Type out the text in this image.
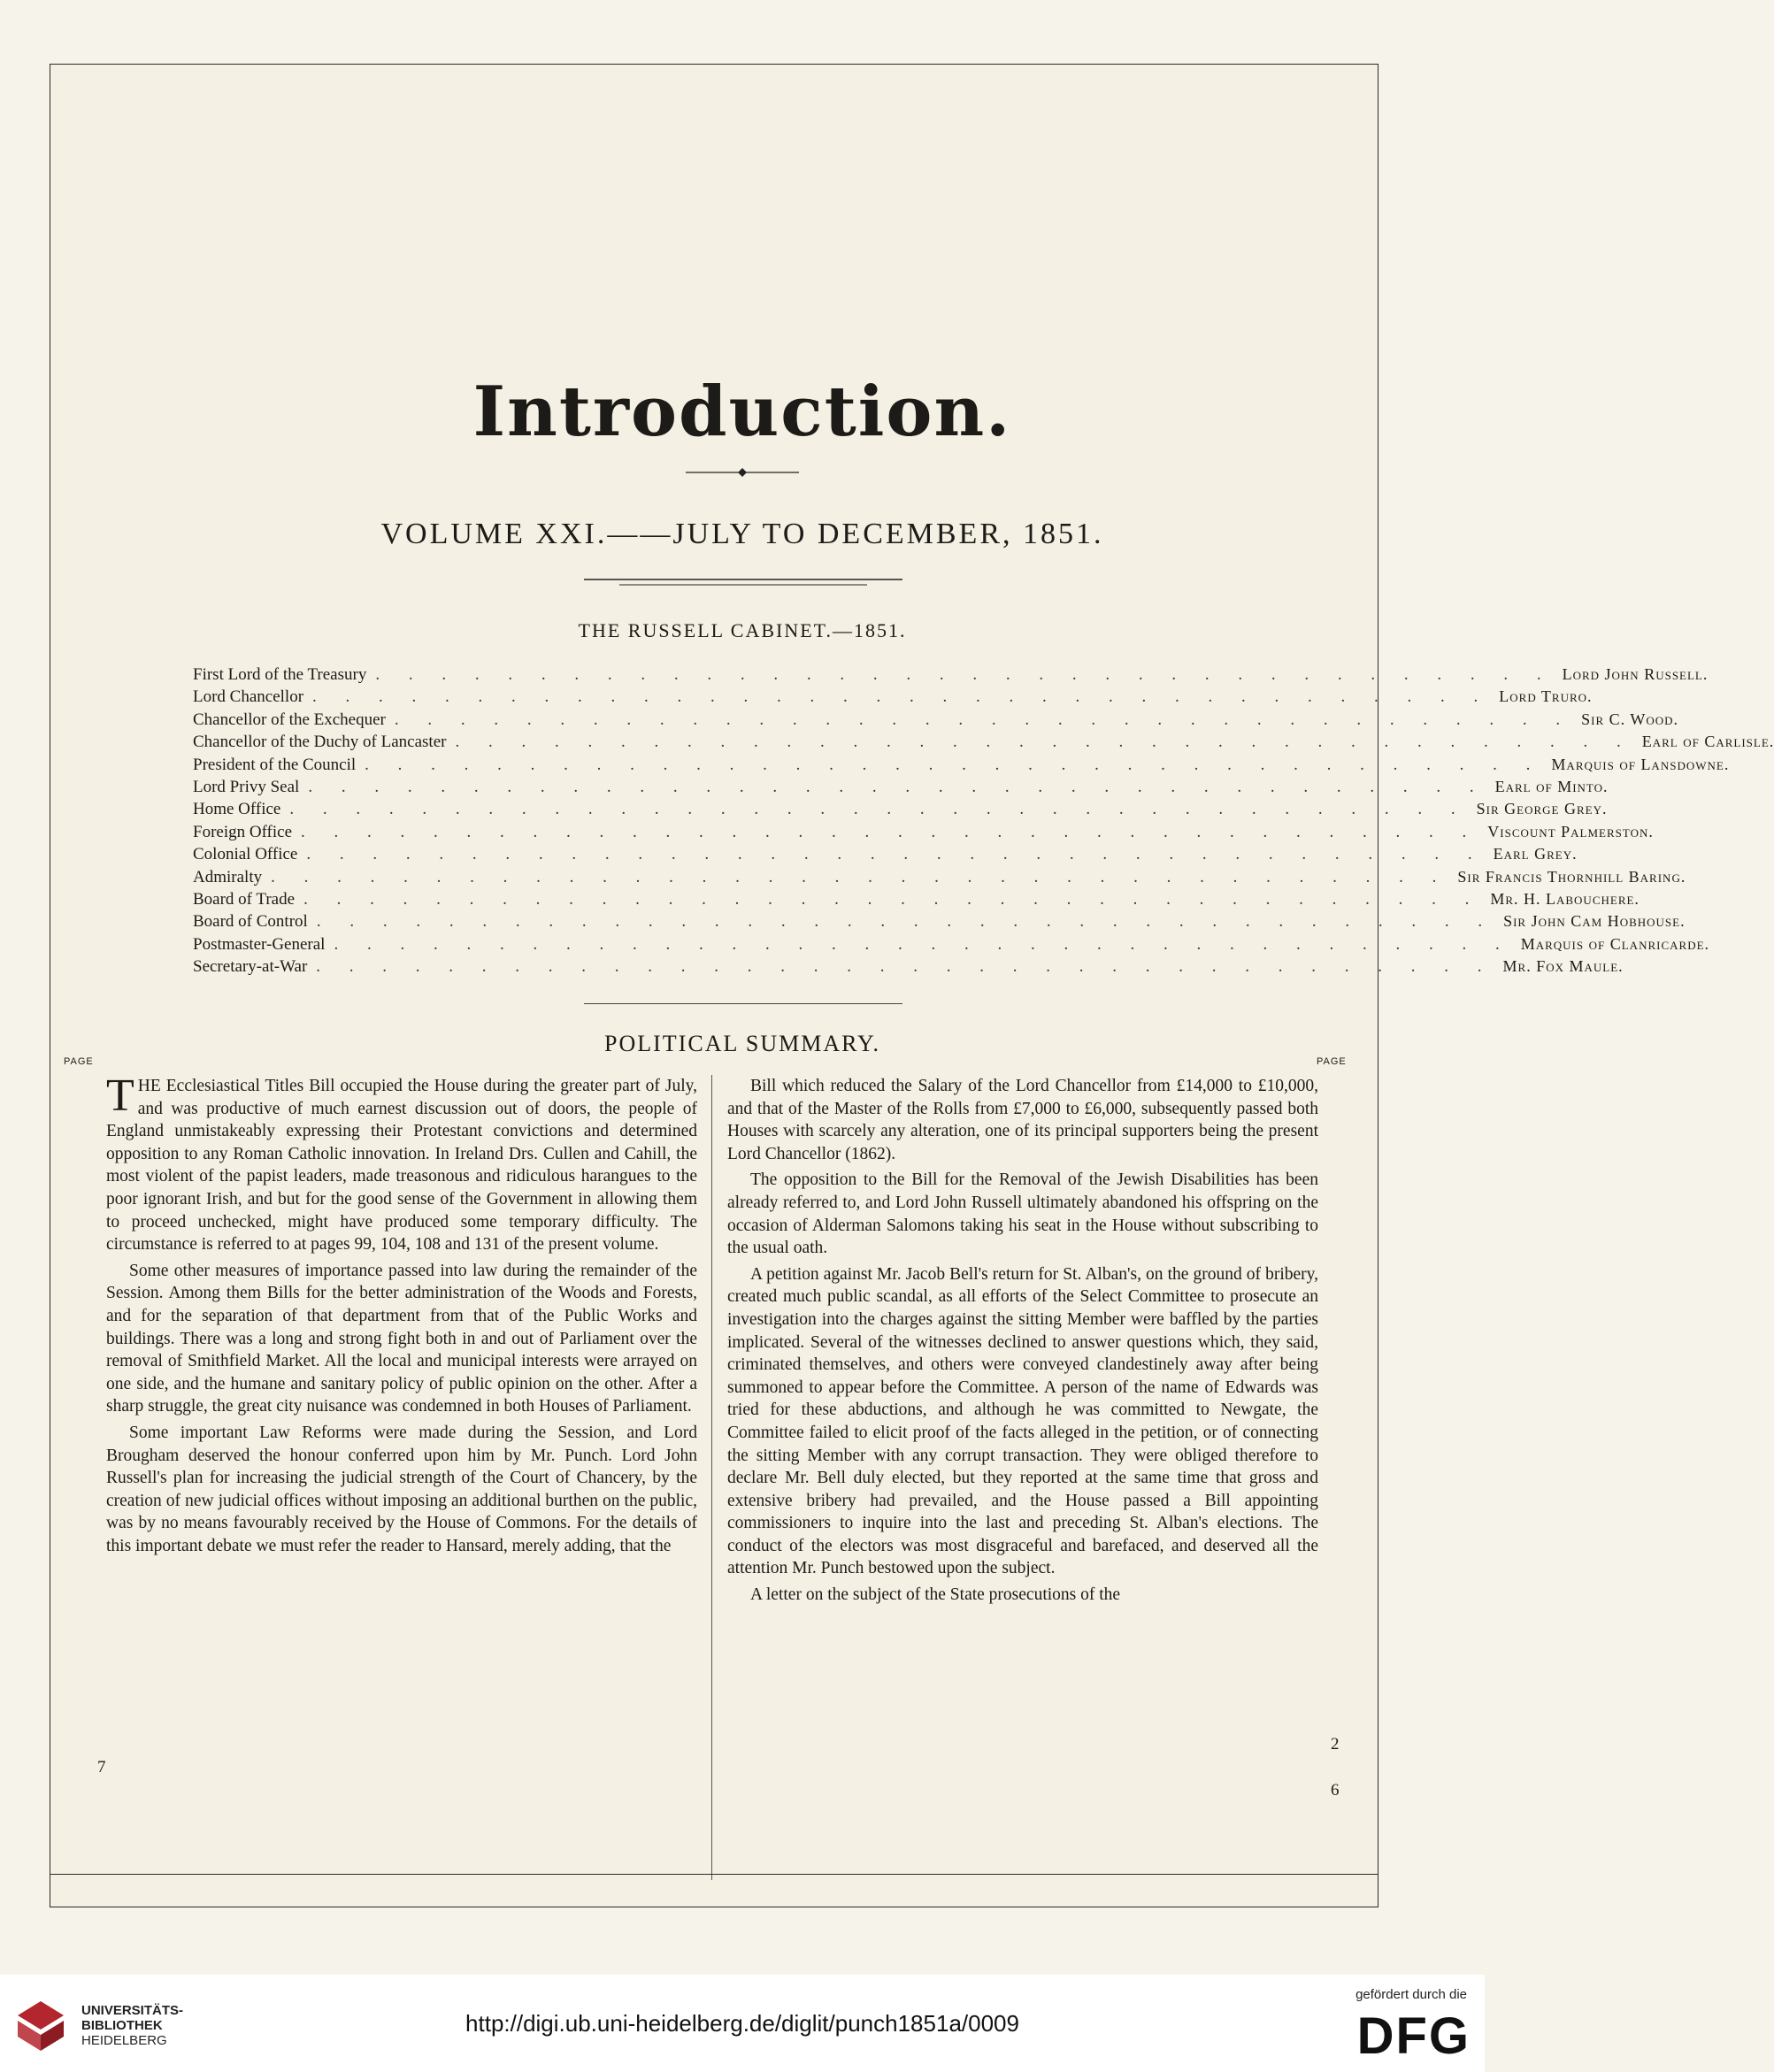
Introduction.
VOLUME XXI.——JULY TO DECEMBER, 1851.
THE RUSSELL CABINET.—1851.
First Lord of the Treasury . . . . . . . . . . . . . . . . . . . . . . . . . . . . . . . . . . . . Lord John Russell.
Lord Chancellor . . . . . . . . . . . . . . . . . . . . . . . . . . . . . . . . . . . . Lord Truro.
Chancellor of the Exchequer . . . . . . . . . . . . . . . . . . . . . . . . . . . . . . . . . . . . Sir C. Wood.
Chancellor of the Duchy of Lancaster . . . . . . . . . . . . . . . . . . . . . . . . . . . . . . . . . . . . Earl of Carlisle.
President of the Council . . . . . . . . . . . . . . . . . . . . . . . . . . . . . . . . . . . . Marquis of Lansdowne.
Lord Privy Seal . . . . . . . . . . . . . . . . . . . . . . . . . . . . . . . . . . . . Earl of Minto.
Home Office . . . . . . . . . . . . . . . . . . . . . . . . . . . . . . . . . . . . Sir George Grey.
Foreign Office . . . . . . . . . . . . . . . . . . . . . . . . . . . . . . . . . . . . Viscount Palmerston.
Colonial Office . . . . . . . . . . . . . . . . . . . . . . . . . . . . . . . . . . . . Earl Grey.
Admiralty . . . . . . . . . . . . . . . . . . . . . . . . . . . . . . . . . . . . Sir Francis Thornhill Baring.
Board of Trade . . . . . . . . . . . . . . . . . . . . . . . . . . . . . . . . . . . . Mr. H. Labouchere.
Board of Control . . . . . . . . . . . . . . . . . . . . . . . . . . . . . . . . . . . . Sir John Cam Hobhouse.
Postmaster-General . . . . . . . . . . . . . . . . . . . . . . . . . . . . . . . . . . . . Marquis of Clanricarde.
Secretary-at-War . . . . . . . . . . . . . . . . . . . . . . . . . . . . . . . . . . . . Mr. Fox Maule.
POLITICAL SUMMARY.
PAGE	PAGE

THE Ecclesiastical Titles Bill occupied the House during the greater part of July, and was productive of much earnest discussion out of doors, the people of England unmistakeably expressing their Protestant convictions and determined opposition to any Roman Catholic innovation. In Ireland Drs. Cullen and Cahill, the most violent of the papist leaders, made treasonous and ridiculous harangues to the poor ignorant Irish, and but for the good sense of the Government in allowing them to proceed unchecked, might have produced some temporary difficulty. The circumstance is referred to at pages 99, 104, 108 and 131 of the present volume.

Some other measures of importance passed into law during the remainder of the Session. Among them Bills for the better administration of the Woods and Forests, and for the separation of that department from that of the Public Works and buildings. There was a long and strong fight both in and out of Parliament over the removal of Smithfield Market. All the local and municipal interests were arrayed on one side, and the humane and sanitary policy of public opinion on the other. After a sharp struggle, the great city nuisance was condemned in both Houses of Parliament.

Some important Law Reforms were made during the Session, and Lord Brougham deserved the honour conferred upon him by Mr. Punch. Lord John Russell's plan for increasing the judicial strength of the Court of Chancery, by the creation of new judicial offices without imposing an additional burthen on the public, was by no means favourably received by the House of Commons. For the details of this important debate we must refer the reader to Hansard, merely adding, that the

Bill which reduced the Salary of the Lord Chancellor from £14,000 to £10,000, and that of the Master of the Rolls from £7,000 to £6,000, subsequently passed both Houses with scarcely any alteration, one of its principal supporters being the present Lord Chancellor (1862).

The opposition to the Bill for the Removal of the Jewish Disabilities has been already referred to, and Lord John Russell ultimately abandoned his offspring on the occasion of Alderman Salomons taking his seat in the House without subscribing to the usual oath.

A petition against Mr. Jacob Bell's return for St. Alban's, on the ground of bribery, created much public scandal, as all efforts of the Select Committee to prosecute an investigation into the charges against the sitting Member were baffled by the parties implicated. Several of the witnesses declined to answer questions which, they said, criminated themselves, and others were conveyed clandestinely away after being summoned to appear before the Committee. A person of the name of Edwards was tried for these abductions, and although he was committed to Newgate, the Committee failed to elicit proof of the facts alleged in the petition, or of connecting the sitting Member with any corrupt transaction. They were obliged therefore to declare Mr. Bell duly elected, but they reported at the same time that gross and extensive bribery had prevailed, and the House passed a Bill appointing commissioners to inquire into the last and preceding St. Alban's elections. The conduct of the electors was most disgraceful and barefaced, and deserved all the attention Mr. Punch bestowed upon the subject.

A letter on the subject of the State prosecutions of the

7
2
6
UNIVERSITÄTS-
BIBLIOTHEK
HEIDELBERG
http://digi.ub.uni-heidelberg.de/diglit/punch1851a/0009
gefördert durch die
DFG
